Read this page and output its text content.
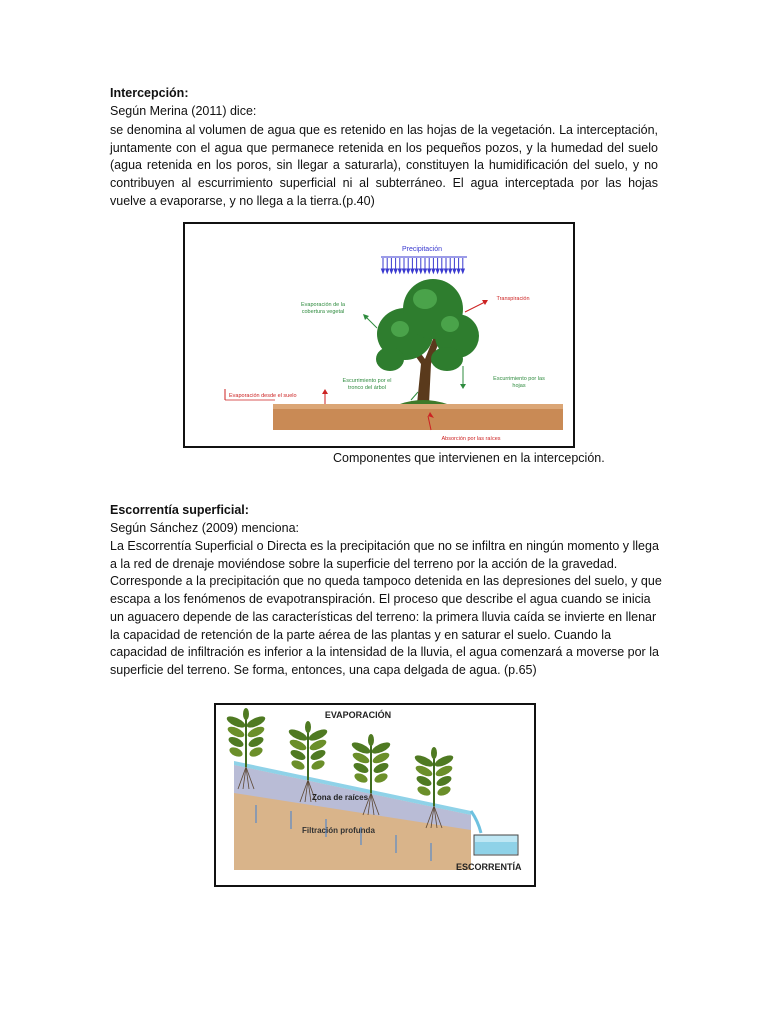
Intercepción:
Según Merina (2011) dice:

se denomina al volumen de agua que es retenido en las hojas de la vegetación. La interceptación, juntamente con el agua que permanece retenida en los pequeños pozos, y la humedad del suelo (agua retenida en los poros, sin llegar a saturarla), constituyen la humidificación del suelo, y no contribuyen al escurrimiento superficial ni al subterráneo. El agua interceptada por las hojas vuelve a evaporarse, y no llega a la tierra.(p.40)

Precipitación
Evaporación de la
cobertura vegetal
Transpiración
Escurrimiento por las
hojas
Escurrimiento por el
tronco del árbol
Evaporación desde el suelo
Absorción por las raíces
Componentes que intervienen en la intercepción.
Escorrentía superficial:
Según Sánchez (2009) menciona:

La Escorrentía Superficial o Directa es la precipitación que no se infiltra en ningún momento y llega a la red de drenaje moviéndose sobre la superficie del terreno por la acción de la gravedad. Corresponde a la precipitación que no queda tampoco detenida en las depresiones del suelo, y que escapa a los fenómenos de evapotranspiración. El proceso que describe el agua cuando se inicia un aguacero depende de las características del terreno: la primera lluvia caída se invierte en llenar la capacidad de retención de la parte aérea de las plantas y en saturar el suelo. Cuando la capacidad de infiltración es inferior a la intensidad de la lluvia, el agua comenzará a moverse por la superficie del terreno. Se forma, entonces, una capa delgada de agua. (p.65)

EVAPORACIÓN
Zona de raíces
Filtración profunda
ESCORRENTÍA
